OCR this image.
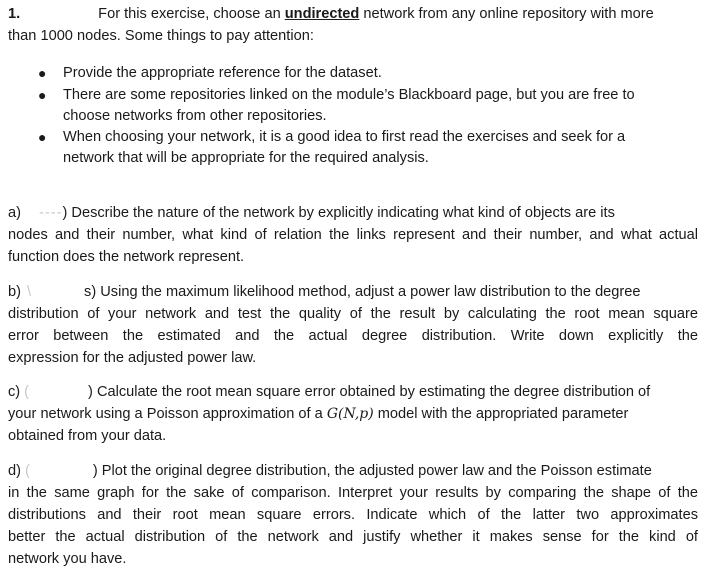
1.	For this exercise, choose an undirected network from any online repository with more
than 1000 nodes. Some things to pay attention:
● Provide the appropriate reference for the dataset.
● There are some repositories linked on the module’s Blackboard page, but you are free to
choose networks from other repositories.
● When choosing your network, it is a good idea to first read the exercises and seek for a
network that will be appropriate for the required analysis.
a) ----) Describe the nature of the network by explicitly indicating what kind of objects are its
nodes and their number, what kind of relation the links represent and their number, and what actual
function does the network represent.
b) \	s) Using the maximum likelihood method, adjust a power law distribution to the degree
distribution of your network and test the quality of the result by calculating the root mean square
error between the estimated and the actual degree distribution. Write down explicitly the
expression for the adjusted power law.
c) (	) Calculate the root mean square error obtained by estimating the degree distribution of
your network using a Poisson approximation of a G(N,p) model with the appropriated parameter
obtained from your data.
d) (	) Plot the original degree distribution, the adjusted power law and the Poisson estimate
in the same graph for the sake of comparison. Interpret your results by comparing the shape of the
distributions and their root mean square errors. Indicate which of the latter two approximates
better the actual distribution of the network and justify whether it makes sense for the kind of
network you have.
